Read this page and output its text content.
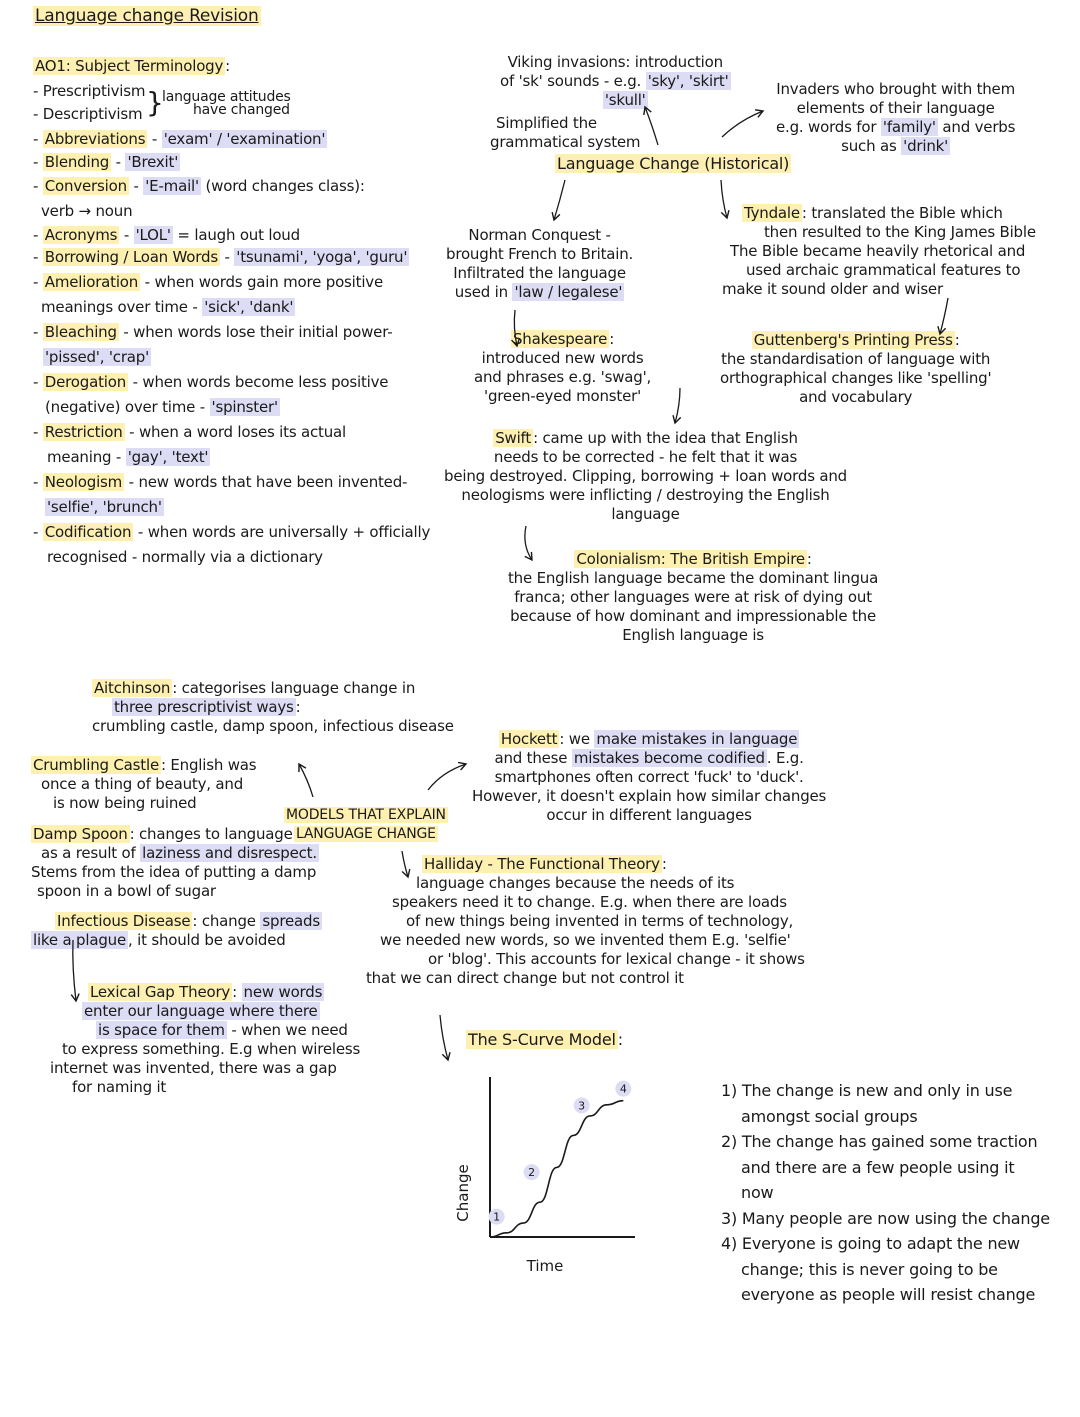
Language change Revision
AO1: Subject Terminology :
- Prescriptivism
- Descriptivism }
language attitudes
have changed
- Abbreviations - 'exam' / 'examination'
- Blending - 'Brexit'
- Conversion - 'E-mail' (word changes class):
verb → noun
- Acronyms - 'LOL' = laugh out loud
- Borrowing / Loan Words - 'tsunami', 'yoga', 'guru'
- Amelioration - when words gain more positive
meanings over time - 'sick', 'dank'
- Bleaching - when words lose their initial power-
'pissed', 'crap'
- Derogation - when words become less positive
(negative) over time - 'spinster'
- Restriction - when a word loses its actual
meaning - 'gay', 'text'
- Neologism - new words that have been invented-
'selfie', 'brunch'
- Codification - when words are universally + officially
recognised - normally via a dictionary
Viking invasions: introduction
of 'sk' sounds - e.g. 'sky', 'skirt'
'skull'
Simplified the
grammatical system
Invaders who brought with them
elements of their language
e.g. words for 'family' and verbs
such as 'drink'
Language Change (Historical)
Norman Conquest -
brought French to Britain.
Infiltrated the language
used in 'law / legalese'
Tyndale : translated the Bible which
then resulted to the King James Bible
The Bible became heavily rhetorical and
used archaic grammatical features to
make it sound older and wiser
Shakespeare :
introduced new words
and phrases e.g. 'swag',
'green-eyed monster'
Guttenberg's Printing Press :
the standardisation of language with
orthographical changes like 'spelling'
and vocabulary
Swift : came up with the idea that English
needs to be corrected - he felt that it was
being destroyed. Clipping, borrowing + loan words and
neologisms were inflicting / destroying the English
language
Colonialism: The British Empire :
the English language became the dominant lingua
franca; other languages were at risk of dying out
because of how dominant and impressionable the
English language is
Aitchinson : categorises language change in
three prescriptivist ways :
crumbling castle, damp spoon, infectious disease
Crumbling Castle : English was
once a thing of beauty, and
is now being ruined
Damp Spoon : changes to language
as a result of laziness and disrespect.
Stems from the idea of putting a damp
spoon in a bowl of sugar
Infectious Disease : change spreads
like a plague , it should be avoided
Lexical Gap Theory : new words
enter our language where there
is space for them - when we need
to express something. E.g when wireless
internet was invented, there was a gap
for naming it
MODELS THAT EXPLAIN
LANGUAGE CHANGE
Hockett : we make mistakes in language
and these mistakes become codified . E.g.
smartphones often correct 'fuck' to 'duck'.
However, it doesn't explain how similar changes
occur in different languages
Halliday - The Functional Theory :
language changes because the needs of its
speakers need it to change. E.g. when there are loads
of new things being invented in terms of technology,
we needed new words, so we invented them E.g. 'selfie'
or 'blog'. This accounts for lexical change - it shows
that we can direct change but not control it
The S-Curve Model :
Change
Time
1
2
3
4	1) The change is new and only in use
amongst social groups
2) The change has gained some traction
and there are a few people using it
now
3) Many people are now using the change
4) Everyone is going to adapt the new
change; this is never going to be
everyone as people will resist change
